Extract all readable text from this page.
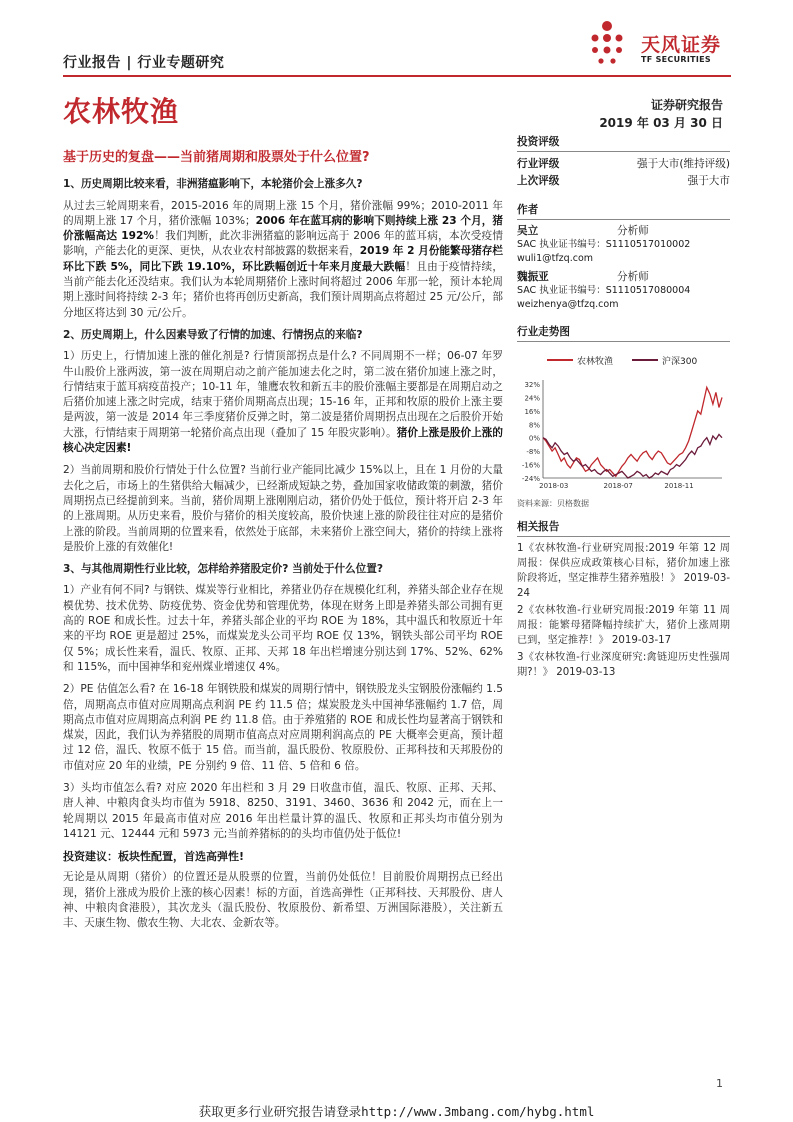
行业报告 | 行业专题研究
天风证券
TF SECURITIES
农林牧渔	证券研究报告
2019 年 03 月 30 日
基于历史的复盘——当前猪周期和股票处于什么位置?
1、历史周期比较来看，非洲猪瘟影响下，本轮猪价会上涨多久?
从过去三轮周期来看，2015-2016 年的周期上涨 15 个月，猪价涨幅 99%；2010-2011 年的周期上涨 17 个月，猪价涨幅 103%；2006 年在蓝耳病的影响下则持续上涨 23 个月，猪价涨幅高达 192%！我们判断，此次非洲猪瘟的影响远高于 2006 年的蓝耳病，本次受疫情影响，产能去化的更深、更快，从农业农村部披露的数据来看，2019 年 2 月份能繁母猪存栏环比下跌 5%，同比下跌 19.10%，环比跌幅创近十年来月度最大跌幅！且由于疫情持续，当前产能去化还没结束。我们认为本轮周期猪价上涨时间将超过 2006 年那一轮，预计本轮周期上涨时间将持续 2-3 年；猪价也将再创历史新高，我们预计周期高点将超过 25 元/公斤，部分地区将达到 30 元/公斤。
2、历史周期上，什么因素导致了行情的加速、行情拐点的来临?
1）历史上，行情加速上涨的催化剂是? 行情顶部拐点是什么? 不同周期不一样；06-07 年罗牛山股价上涨两波，第一波在周期启动之前产能加速去化之时，第二波在猪价加速上涨之时，行情结束于蓝耳病疫苗投产；10-11 年，雏鹰农牧和新五丰的股价涨幅主要都是在周期启动之后猪价加速上涨之时完成，结束于猪价周期高点出现；15-16 年，正邦和牧原的股价上涨主要是两波，第一波是 2014 年三季度猪价反弹之时，第二波是猪价周期拐点出现在之后股价开始大涨，行情结束于周期第一轮猪价高点出现（叠加了 15 年股灾影响）。猪价上涨是股价上涨的核心决定因素!
2）当前周期和股价行情处于什么位置? 当前行业产能同比减少 15%以上，且在 1 月份的大量去化之后，市场上的生猪供给大幅减少，已经渐成短缺之势，叠加国家收储政策的刺激，猪价周期拐点已经提前到来。当前，猪价周期上涨刚刚启动，猪价仍处于低位，预计将开启 2-3 年的上涨周期。从历史来看，股价与猪价的相关度较高，股价快速上涨的阶段往往对应的是猪价上涨的阶段。当前周期的位置来看，依然处于底部，未来猪价上涨空间大，猪价的持续上涨将是股价上涨的有效催化!
3、与其他周期性行业比较，怎样给养猪股定价? 当前处于什么位置?
1）产业有何不同? 与钢铁、煤炭等行业相比，养猪业仍存在规模化红利，养猪头部企业存在规模优势、技术优势、防疫优势、资金优势和管理优势，体现在财务上即是养猪头部公司拥有更高的 ROE 和成长性。过去十年，养猪头部企业的平均 ROE 为 18%，其中温氏和牧原近十年来的平均 ROE 更是超过 25%，而煤炭龙头公司平均 ROE 仅 13%，钢铁头部公司平均 ROE 仅 5%；成长性来看，温氏、牧原、正邦、天邦 18 年出栏增速分别达到 17%、52%、62%和 115%，而中国神华和兖州煤业增速仅 4%。
2）PE 估值怎么看? 在 16-18 年钢铁股和煤炭的周期行情中，钢铁股龙头宝钢股份涨幅约 1.5 倍，周期高点市值对应周期高点利润 PE 约 11.5 倍；煤炭股龙头中国神华涨幅约 1.7 倍，周期高点市值对应周期高点利润 PE 约 11.8 倍。由于养殖猪的 ROE 和成长性均显著高于钢铁和煤炭，因此，我们认为养猪股的周期市值高点对应周期利润高点的 PE 大概率会更高，预计超过 12 倍，温氏、牧原不低于 15 倍。而当前，温氏股份、牧原股份、正邦科技和天邦股份的市值对应 20 年的业绩，PE 分别约 9 倍、11 倍、5 倍和 6 倍。
3）头均市值怎么看? 对应 2020 年出栏和 3 月 29 日收盘市值，温氏、牧原、正邦、天邦、唐人神、中粮肉食头均市值为 5918、8250、3191、3460、3636 和 2042 元，而在上一轮周期以 2015 年最高市值对应 2016 年出栏量计算的温氏、牧原和正邦头均市值分别为 14121 元、12444 元和 5973 元;当前养猪标的的头均市值仍处于低位!
投资建议：板块性配置，首选高弹性!
无论是从周期（猪价）的位置还是从股票的位置，当前仍处低位！目前股价周期拐点已经出现，猪价上涨成为股价上涨的核心因素！标的方面，首选高弹性（正邦科技、天邦股份、唐人神、中粮肉食港股），其次龙头（温氏股份、牧原股份、新希望、万洲国际港股），关注新五丰、天康生物、傲农生物、大北农、金新农等。
投资评级
行业评级	强于大市(维持评级)
上次评级	强于大市
作者
吴立	分析师
SAC 执业证书编号：S1110517010002
wuli1@tfzq.com
魏振亚	分析师
SAC 执业证书编号：S1110517080004
weizhenya@tfzq.com
行业走势图
农林牧渔	沪深300
32%
24%
16%
8%
0%
-8%
-16%
-24%
2018-03	2018-07	2018-11
资料来源：贝格数据
相关报告
1《农林牧渔-行业研究周报:2019 年第 12 周周报：保供应成政策核心目标，猪价加速上涨阶段将近，坚定推荐生猪养殖股！》 2019-03-24
2《农林牧渔-行业研究周报:2019 年第 11 周周报：能繁母猪降幅持续扩大，猪价上涨周期已到，坚定推荐！》 2019-03-17
3《农林牧渔-行业深度研究:禽链迎历史性强周期?！》 2019-03-13
1
获取更多行业研究报告请登录http://www.3mbang.com/hybg.html
